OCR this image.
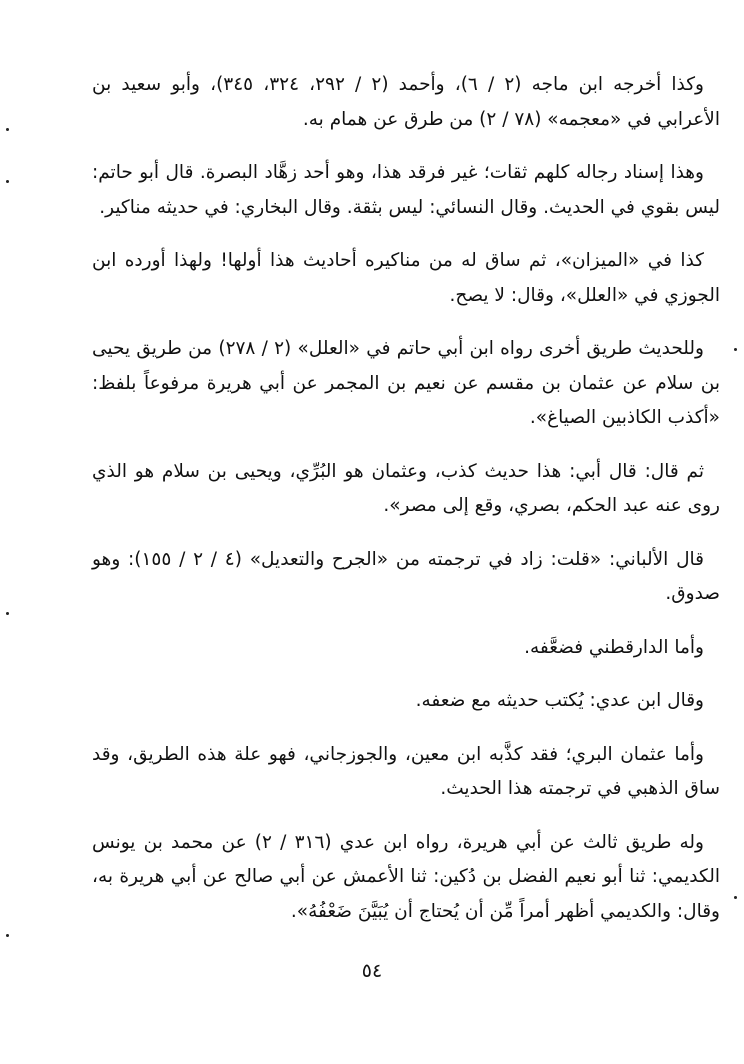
وكذا أخرجه ابن ماجه (٢ / ٦)، وأحمد (٢ / ٢٩٢، ٣٢٤، ٣٤٥)، وأبو سعيد بن الأعرابي في «معجمه» (٧٨ / ٢) من طرق عن همام به.

وهذا إسناد رجاله كلهم ثقات؛ غير فرقد هذا، وهو أحد زهَّاد البصرة. قال أبو حاتم: ليس بقوي في الحديث. وقال النسائي: ليس بثقة. وقال البخاري: في حديثه مناكير.

كذا في «الميزان»، ثم ساق له من مناكيره أحاديث هذا أولها! ولهذا أورده ابن الجوزي في «العلل»، وقال: لا يصح.

وللحديث طريق أخرى رواه ابن أبي حاتم في «العلل» (٢ / ٢٧٨) من طريق يحيى بن سلام عن عثمان بن مقسم عن نعيم بن المجمر عن أبي هريرة مرفوعاً بلفظ: «أكذب الكاذبين الصياغ».

ثم قال: قال أبي: هذا حديث كذب، وعثمان هو البُرِّي، ويحيى بن سلام هو الذي روى عنه عبد الحكم، بصري، وقع إلى مصر».

قال الألباني: «قلت: زاد في ترجمته من «الجرح والتعديل» (٤ / ٢ / ١٥٥): وهو صدوق.

وأما الدارقطني فضعَّفه.

وقال ابن عدي: يُكتب حديثه مع ضعفه.

وأما عثمان البري؛ فقد كذَّبه ابن معين، والجوزجاني، فهو علة هذه الطريق، وقد ساق الذهبي في ترجمته هذا الحديث.

وله طريق ثالث عن أبي هريرة، رواه ابن عدي (٣١٦ / ٢) عن محمد بن يونس الكديمي: ثنا أبو نعيم الفضل بن دُكين: ثنا الأعمش عن أبي صالح عن أبي هريرة به، وقال: والكديمي أظهر أمراً مِّن أن يُحتاج أن يُبَيَّنَ ضَعْفُهُ».

٥٤
